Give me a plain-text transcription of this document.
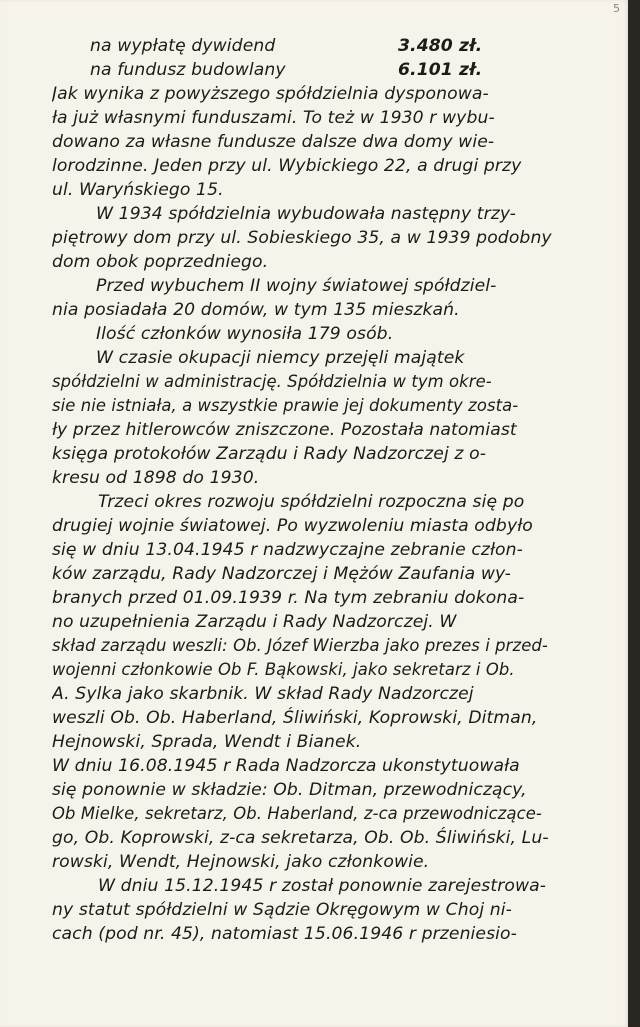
5
na wypłatę dywidend	3.480 zł.
na fundusz budowlany	6.101 zł.
Jak wynika z powyższego spółdzielnia dysponowa-
ła już własnymi funduszami. To też w 1930 r wybu-
dowano za własne fundusze dalsze dwa domy wie-
lorodzinne. Jeden przy ul. Wybickiego 22, a drugi przy
ul. Waryńskiego 15.
W 1934 spółdzielnia wybudowała następny trzy-
piętrowy dom przy ul. Sobieskiego 35, a w 1939 podobny
dom obok poprzedniego.
Przed wybuchem II wojny światowej spółdziel-
nia posiadała 20 domów, w tym 135 mieszkań.
Ilość członków wynosiła 179 osób.
W czasie okupacji niemcy przejęli majątek
spółdzielni w administrację. Spółdzielnia w tym okre-
sie nie istniała, a wszystkie prawie jej dokumenty zosta-
ły przez hitlerowców zniszczone. Pozostała natomiast
księga protokołów Zarządu i Rady Nadzorczej z o-
kresu od 1898 do 1930.
Trzeci okres rozwoju spółdzielni rozpoczna się po
drugiej wojnie światowej. Po wyzwoleniu miasta odbyło
się w dniu 13.04.1945 r nadzwyczajne zebranie człon-
ków zarządu, Rady Nadzorczej i Mężów Zaufania wy-
branych przed 01.09.1939 r. Na tym zebraniu dokona-
no uzupełnienia Zarządu i Rady Nadzorczej. W
skład zarządu weszli: Ob. Józef Wierzba jako prezes i przed-
wojenni członkowie Ob F. Bąkowski, jako sekretarz i Ob.
A. Sylka jako skarbnik. W skład Rady Nadzorczej
weszli Ob. Ob. Haberland, Śliwiński, Koprowski, Ditman,
Hejnowski, Sprada, Wendt i Bianek.
W dniu 16.08.1945 r Rada Nadzorcza ukonstytuowała
się ponownie w składzie: Ob. Ditman, przewodniczący,
Ob Mielke, sekretarz, Ob. Haberland, z-ca przewodniczące-
go, Ob. Koprowski, z-ca sekretarza, Ob. Ob. Śliwiński, Lu-
rowski, Wendt, Hejnowski, jako członkowie.
W dniu 15.12.1945 r został ponownie zarejestrowa-
ny statut spółdzielni w Sądzie Okręgowym w Choj ni-
cach (pod nr. 45), natomiast 15.06.1946 r przeniesio-
